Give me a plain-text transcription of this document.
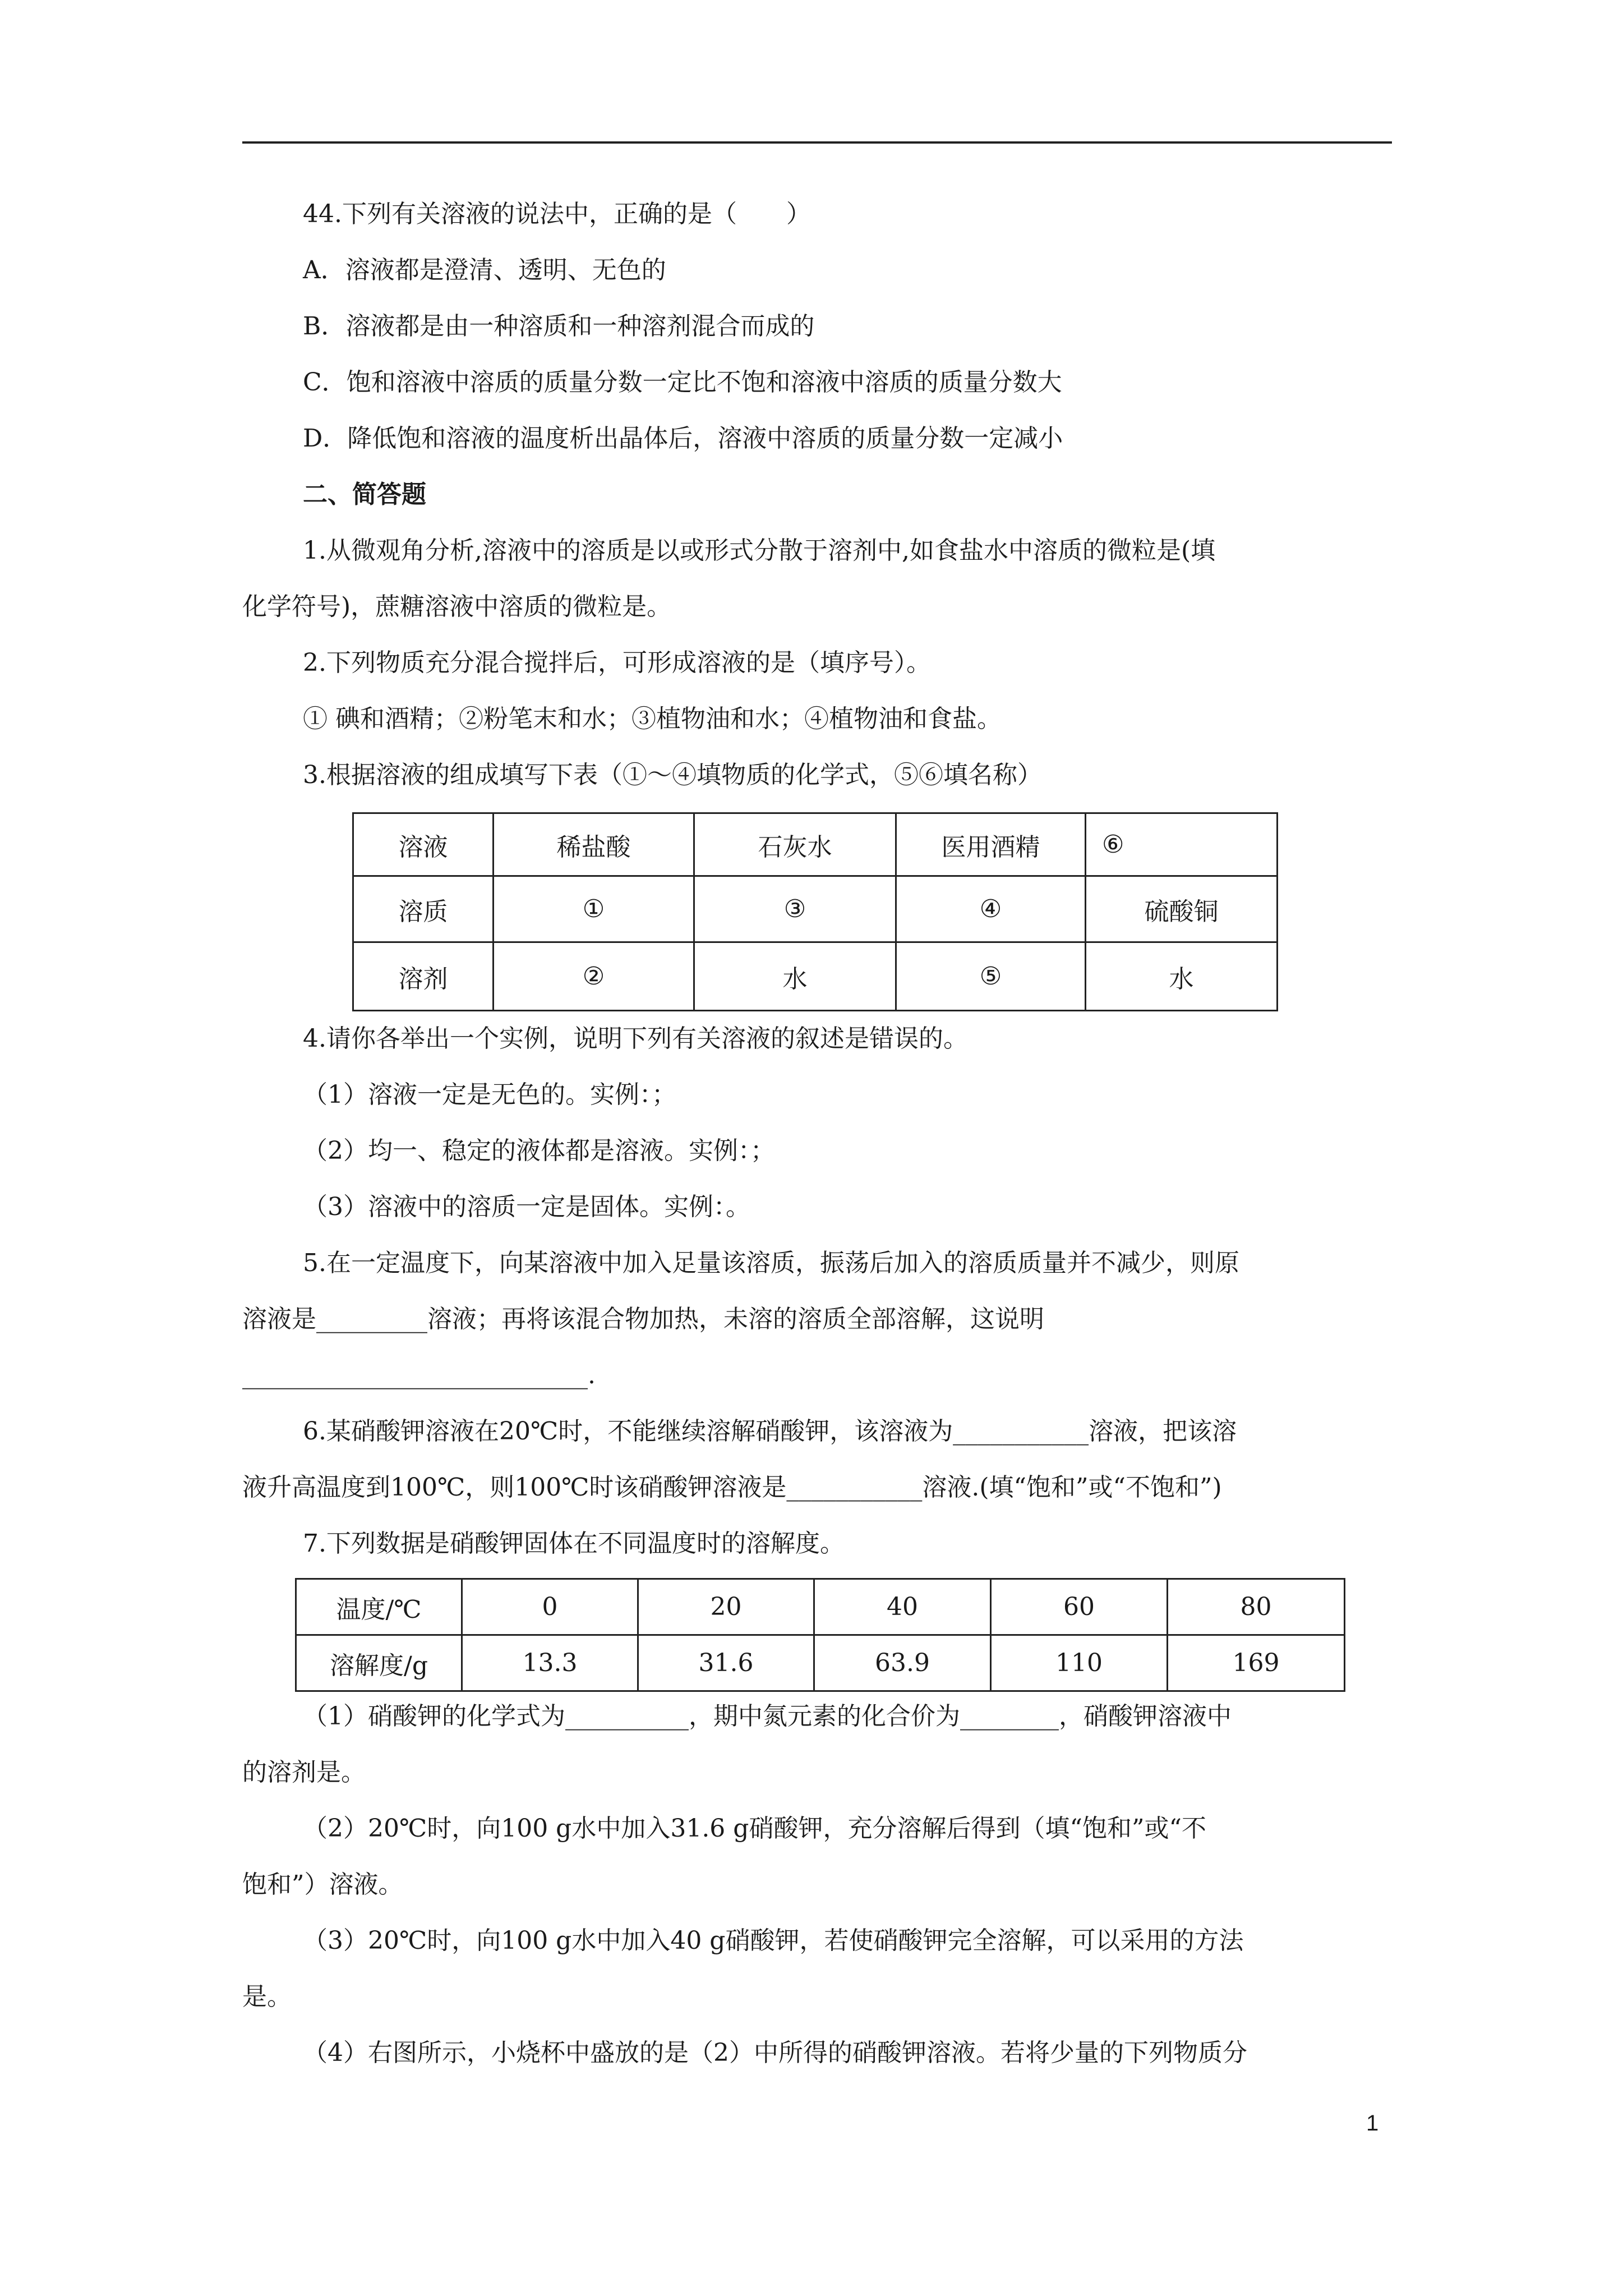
44.下列有关溶液的说法中，正确的是（　　）
A．溶液都是澄清、透明、无色的
B．溶液都是由一种溶质和一种溶剂混合而成的
C．饱和溶液中溶质的质量分数一定比不饱和溶液中溶质的质量分数大
D．降低饱和溶液的温度析出晶体后，溶液中溶质的质量分数一定减小
二、简答题
1.从微观角分析,溶液中的溶质是以或形式分散于溶剂中,如食盐水中溶质的微粒是(填
化学符号)，蔗糖溶液中溶质的微粒是。
2.下列物质充分混合搅拌后，可形成溶液的是（填序号）。
① 碘和酒精；②粉笔末和水；③植物油和水；④植物油和食盐。
3.根据溶液的组成填写下表（①～④填物质的化学式，⑤⑥填名称）
溶液	稀盐酸	石灰水	医用酒精	⑥
溶质	①	③	④	硫酸铜
溶剂	②	水	⑤	水
4.请你各举出一个实例，说明下列有关溶液的叙述是错误的。
（1）溶液一定是无色的。实例：；
（2）均一、稳定的液体都是溶液。实例：；
（3）溶液中的溶质一定是固体。实例：。
5.在一定温度下，向某溶液中加入足量该溶质，振荡后加入的溶质质量并不减少，则原
溶液是_________溶液；再将该混合物加热，未溶的溶质全部溶解，这说明
____________________________.
6.某硝酸钾溶液在20℃时，不能继续溶解硝酸钾，该溶液为___________溶液，把该溶
液升高温度到100℃，则100℃时该硝酸钾溶液是___________溶液.(填“饱和”或“不饱和”)
7.下列数据是硝酸钾固体在不同温度时的溶解度。
温度/℃	0	20	40	60	80
溶解度/g	13.3	31.6	63.9	110	169
（1）硝酸钾的化学式为__________，期中氮元素的化合价为________，硝酸钾溶液中
的溶剂是。
（2）20℃时，向100 g水中加入31.6 g硝酸钾，充分溶解后得到（填“饱和”或“不
饱和”）溶液。
（3）20℃时，向100 g水中加入40 g硝酸钾，若使硝酸钾完全溶解，可以采用的方法
是。
（4）右图所示，小烧杯中盛放的是（2）中所得的硝酸钾溶液。若将少量的下列物质分
1
